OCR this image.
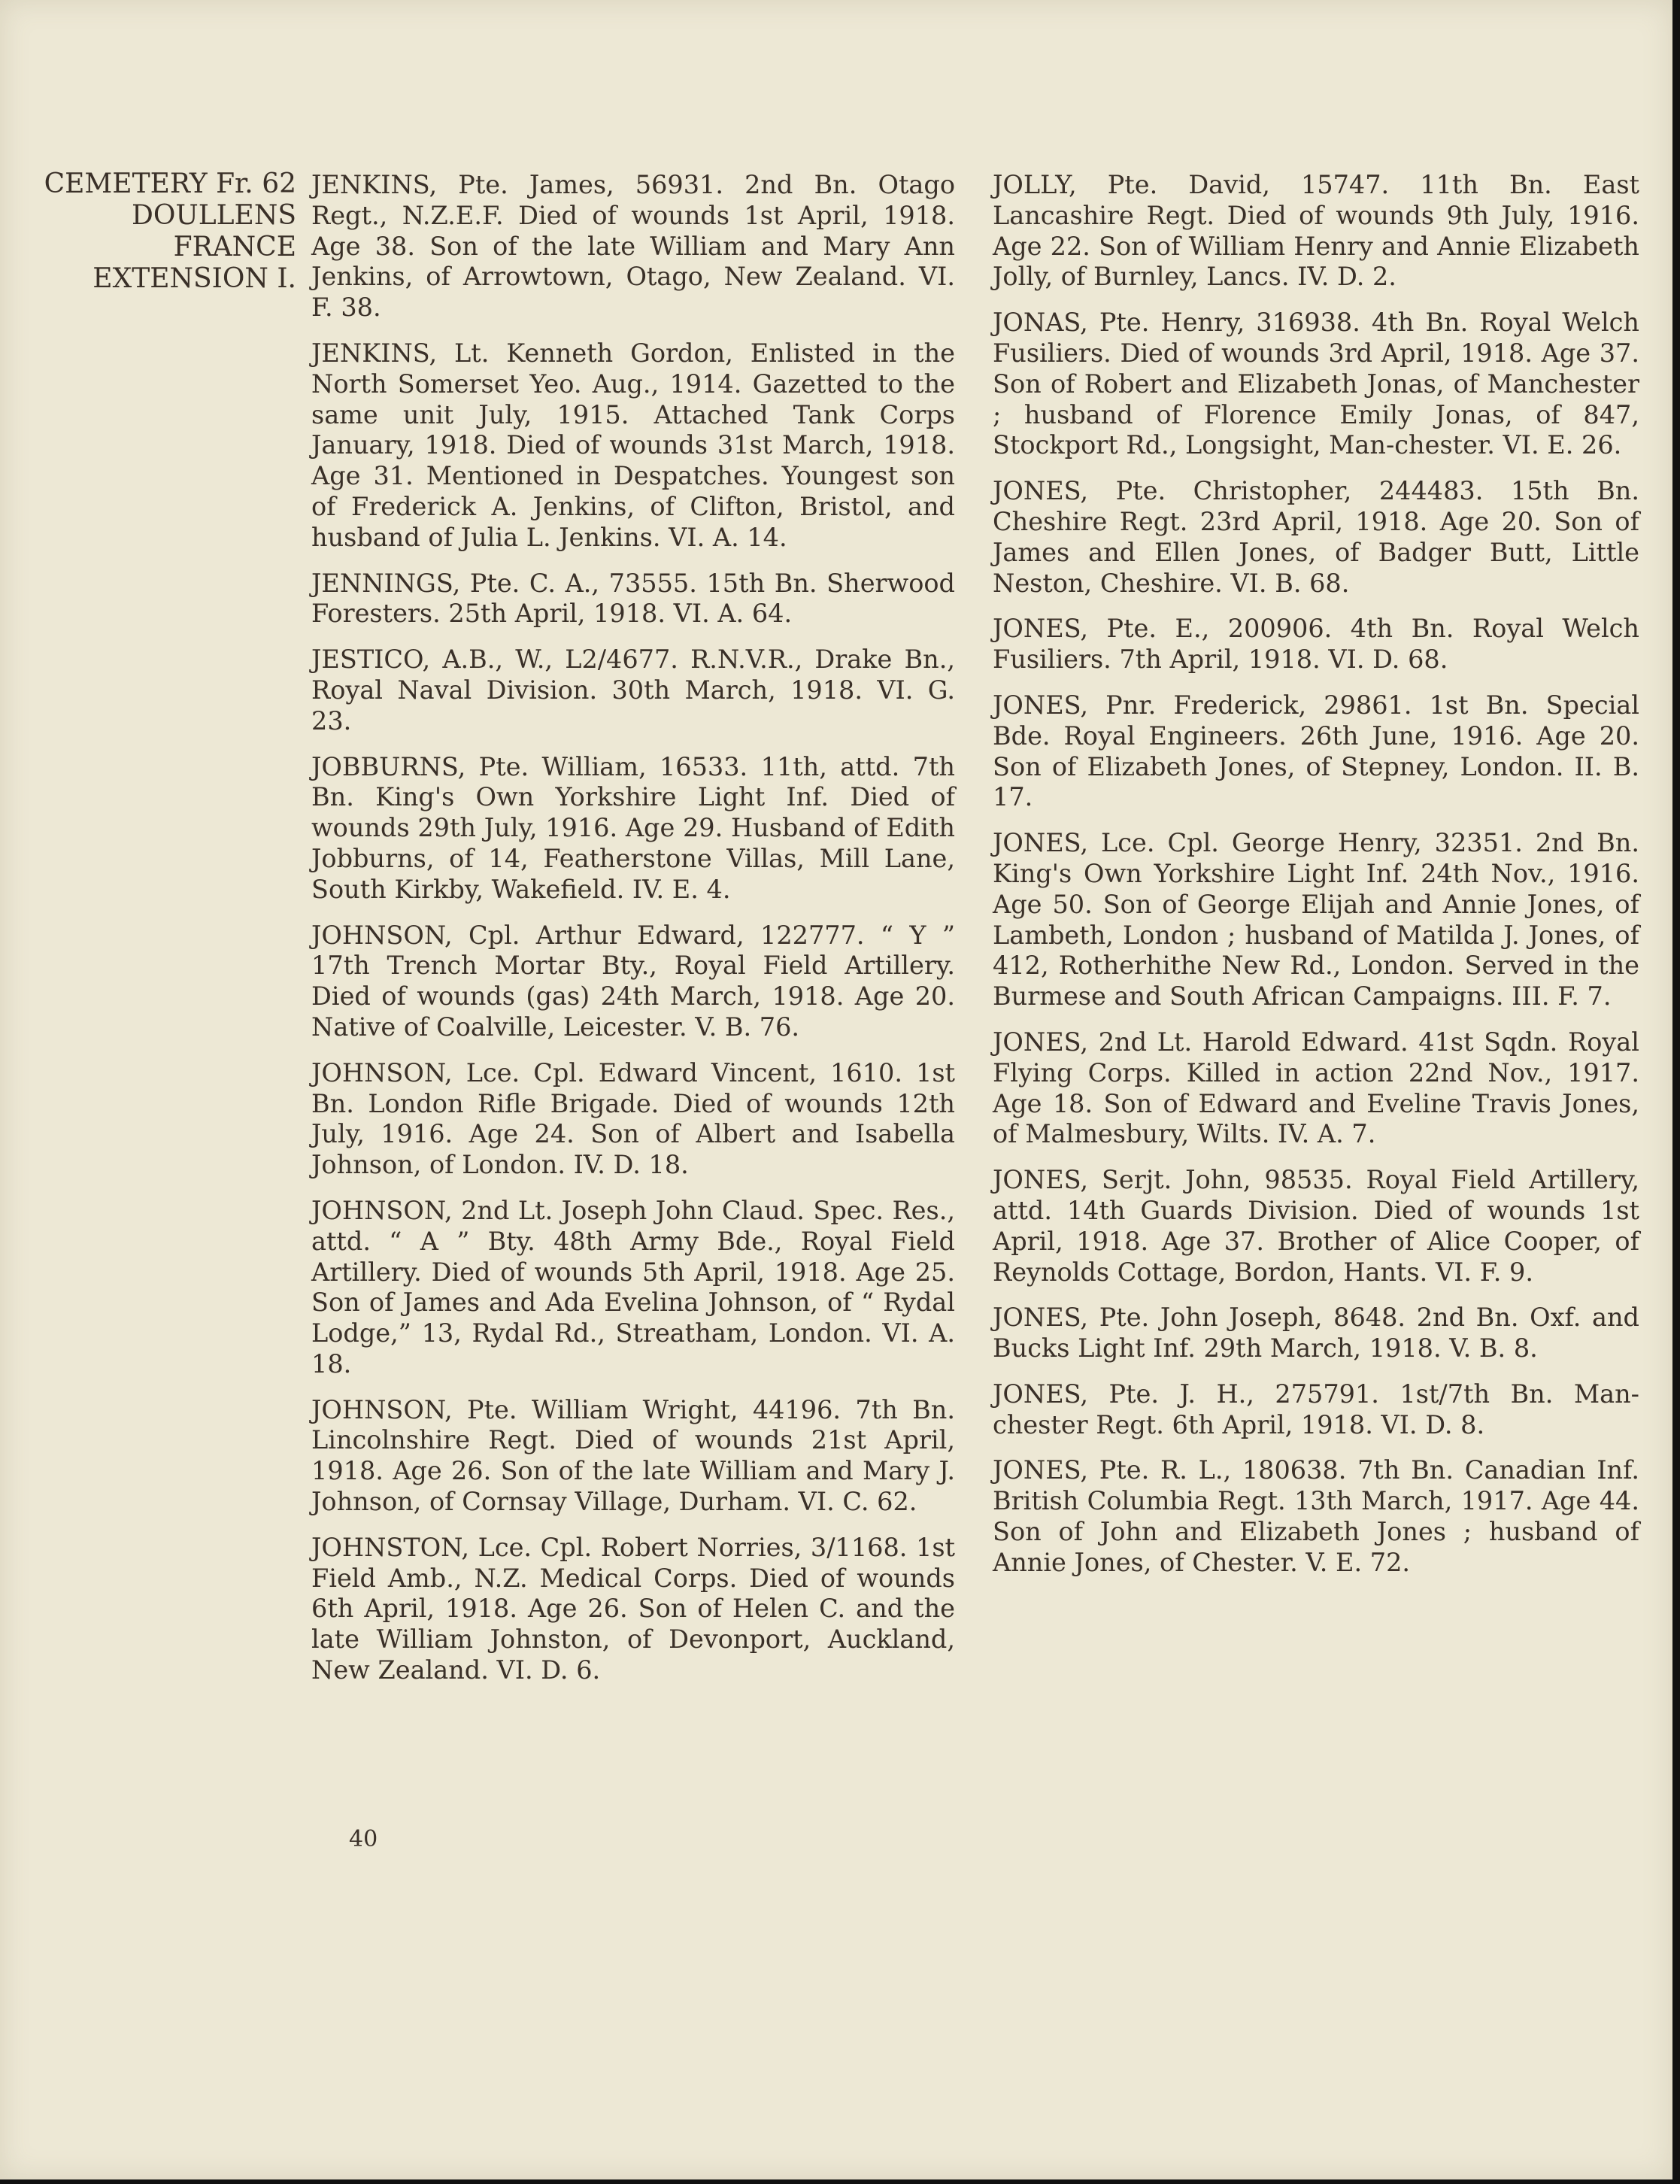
CEMETERY Fr. 62
DOULLENS
FRANCE
EXTENSION I.

JENKINS, Pte. James, 56931. 2nd Bn. Otago Regt., N.Z.E.F. Died of wounds 1st April, 1918. Age 38. Son of the late William and Mary Ann Jenkins, of Arrowtown, Otago, New Zealand. VI. F. 38.

JENKINS, Lt. Kenneth Gordon, Enlisted in the North Somerset Yeo. Aug., 1914. Gazetted to the same unit July, 1915. Attached Tank Corps January, 1918. Died of wounds 31st March, 1918. Age 31. Mentioned in Despatches. Youngest son of Frederick A. Jenkins, of Clifton, Bristol, and husband of Julia L. Jenkins. VI. A. 14.

JENNINGS, Pte. C. A., 73555. 15th Bn. Sherwood Foresters. 25th April, 1918. VI. A. 64.

JESTICO, A.B., W., L2/4677. R.N.V.R., Drake Bn., Royal Naval Division. 30th March, 1918. VI. G. 23.

JOBBURNS, Pte. William, 16533. 11th, attd. 7th Bn. King's Own Yorkshire Light Inf. Died of wounds 29th July, 1916. Age 29. Husband of Edith Jobburns, of 14, Featherstone Villas, Mill Lane, South Kirkby, Wakefield. IV. E. 4.

JOHNSON, Cpl. Arthur Edward, 122777. “ Y ” 17th Trench Mortar Bty., Royal Field Artillery. Died of wounds (gas) 24th March, 1918. Age 20. Native of Coalville, Leicester. V. B. 76.

JOHNSON, Lce. Cpl. Edward Vincent, 1610. 1st Bn. London Rifle Brigade. Died of wounds 12th July, 1916. Age 24. Son of Albert and Isabella Johnson, of London. IV. D. 18.

JOHNSON, 2nd Lt. Joseph John Claud. Spec. Res., attd. “ A ” Bty. 48th Army Bde., Royal Field Artillery. Died of wounds 5th April, 1918. Age 25. Son of James and Ada Evelina Johnson, of “ Rydal Lodge,” 13, Rydal Rd., Streatham, London. VI. A. 18.

JOHNSON, Pte. William Wright, 44196. 7th Bn. Lincolnshire Regt. Died of wounds 21st April, 1918. Age 26. Son of the late William and Mary J. Johnson, of Cornsay Village, Durham. VI. C. 62.

JOHNSTON, Lce. Cpl. Robert Norries, 3/1168. 1st Field Amb., N.Z. Medical Corps. Died of wounds 6th April, 1918. Age 26. Son of Helen C. and the late William Johnston, of Devonport, Auckland, New Zealand. VI. D. 6.

JOLLY, Pte. David, 15747. 11th Bn. East Lancashire Regt. Died of wounds 9th July, 1916. Age 22. Son of William Henry and Annie Elizabeth Jolly, of Burnley, Lancs. IV. D. 2.

JONAS, Pte. Henry, 316938. 4th Bn. Royal Welch Fusiliers. Died of wounds 3rd April, 1918. Age 37. Son of Robert and Elizabeth Jonas, of Manchester ; husband of Florence Emily Jonas, of 847, Stockport Rd., Longsight, Man-chester. VI. E. 26.

JONES, Pte. Christopher, 244483. 15th Bn. Cheshire Regt. 23rd April, 1918. Age 20. Son of James and Ellen Jones, of Badger Butt, Little Neston, Cheshire. VI. B. 68.

JONES, Pte. E., 200906. 4th Bn. Royal Welch Fusiliers. 7th April, 1918. VI. D. 68.

JONES, Pnr. Frederick, 29861. 1st Bn. Special Bde. Royal Engineers. 26th June, 1916. Age 20. Son of Elizabeth Jones, of Stepney, London. II. B. 17.

JONES, Lce. Cpl. George Henry, 32351. 2nd Bn. King's Own Yorkshire Light Inf. 24th Nov., 1916. Age 50. Son of George Elijah and Annie Jones, of Lambeth, London ; husband of Matilda J. Jones, of 412, Rotherhithe New Rd., London. Served in the Burmese and South African Campaigns. III. F. 7.

JONES, 2nd Lt. Harold Edward. 41st Sqdn. Royal Flying Corps. Killed in action 22nd Nov., 1917. Age 18. Son of Edward and Eveline Travis Jones, of Malmesbury, Wilts. IV. A. 7.

JONES, Serjt. John, 98535. Royal Field Artillery, attd. 14th Guards Division. Died of wounds 1st April, 1918. Age 37. Brother of Alice Cooper, of Reynolds Cottage, Bordon, Hants. VI. F. 9.

JONES, Pte. John Joseph, 8648. 2nd Bn. Oxf. and Bucks Light Inf. 29th March, 1918. V. B. 8.

JONES, Pte. J. H., 275791. 1st/7th Bn. Man-chester Regt. 6th April, 1918. VI. D. 8.

JONES, Pte. R. L., 180638. 7th Bn. Canadian Inf. British Columbia Regt. 13th March, 1917. Age 44. Son of John and Elizabeth Jones ; husband of Annie Jones, of Chester. V. E. 72.

40
